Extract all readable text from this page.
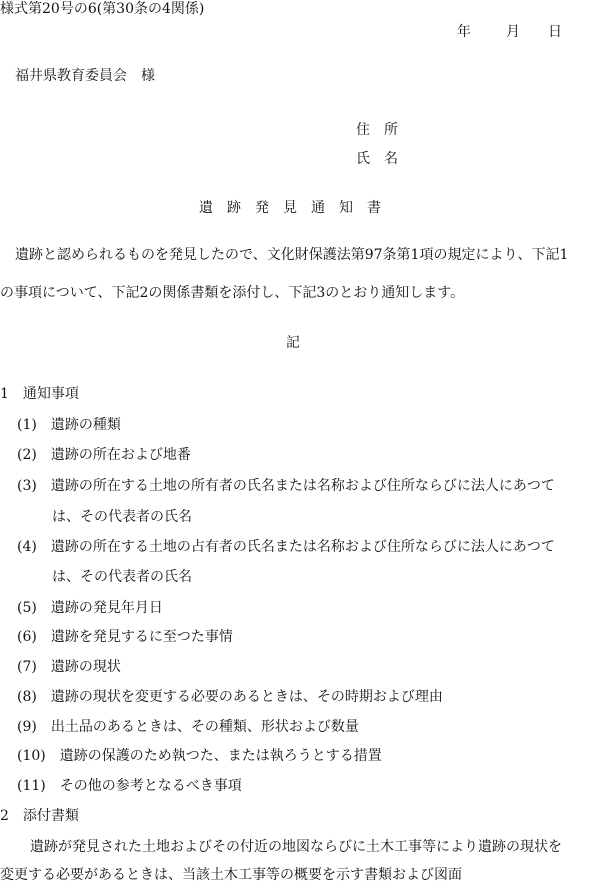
様式第20号の6(第30条の4関係)
年	月 日
福井県教育委員会　様
住所
氏名
遺跡発見通知書
遺跡と認められるものを発見したので、文化財保護法第97条第1項の規定により、下記1
の事項について、下記2の関係書類を添付し、下記3のとおり通知します。
記
1　通知事項
(1)　遺跡の種類
(2)　遺跡の所在および地番
(3)　遺跡の所在する土地の所有者の氏名または名称および住所ならびに法人にあつて
は、その代表者の氏名
(4)　遺跡の所在する土地の占有者の氏名または名称および住所ならびに法人にあつて
は、その代表者の氏名
(5)　遺跡の発見年月日
(6)　遺跡を発見するに至つた事情
(7)　遺跡の現状
(8)　遺跡の現状を変更する必要のあるときは、その時期および理由
(9)　出土品のあるときは、その種類、形状および数量
(10)　遺跡の保護のため執つた、または執ろうとする措置
(11)　その他の参考となるべき事項
2　添付書類
遺跡が発見された土地およびその付近の地図ならびに土木工事等により遺跡の現状を
変更する必要があるときは、当該土木工事等の概要を示す書類および図面
